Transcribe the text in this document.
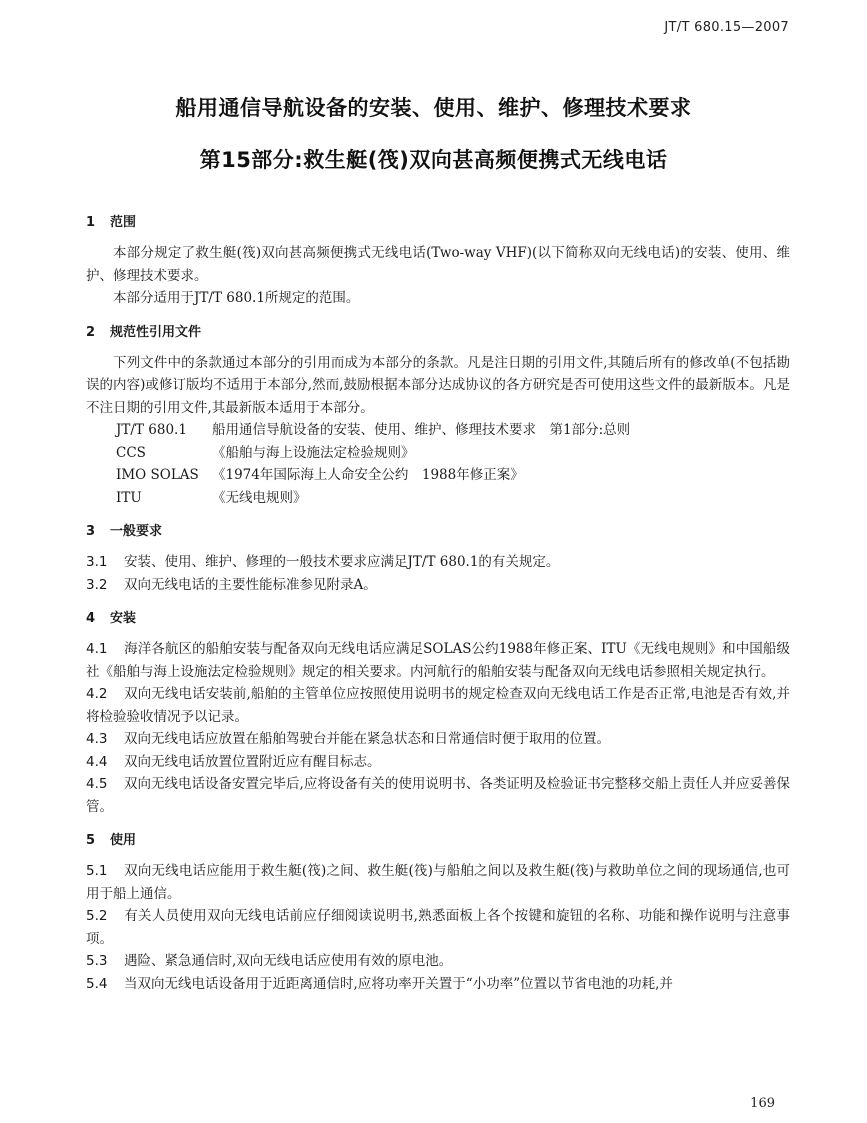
JT/T 680.15—2007
船用通信导航设备的安装、使用、维护、修理技术要求
第15部分:救生艇(筏)双向甚高频便携式无线电话
1 范围

本部分规定了救生艇(筏)双向甚高频便携式无线电话(Two-way VHF)(以下简称双向无线电话)的安装、使用、维护、修理技术要求。

本部分适用于JT/T 680.1所规定的范围。

2 规范性引用文件

下列文件中的条款通过本部分的引用而成为本部分的条款。凡是注日期的引用文件,其随后所有的修改单(不包括勘误的内容)或修订版均不适用于本部分,然而,鼓励根据本部分达成协议的各方研究是否可使用这些文件的最新版本。凡是不注日期的引用文件,其最新版本适用于本部分。

JT/T 680.1 船用通信导航设备的安装、使用、维护、修理技术要求　第1部分:总则
CCS	《船舶与海上设施法定检验规则》
IMO SOLAS 《1974年国际海上人命安全公约　1988年修正案》
ITU	《无线电规则》
3 一般要求

3.1 安装、使用、维护、修理的一般技术要求应满足JT/T 680.1的有关规定。

3.2 双向无线电话的主要性能标准参见附录A。

4 安装

4.1 海洋各航区的船舶安装与配备双向无线电话应满足SOLAS公约1988年修正案、ITU《无线电规则》和中国船级社《船舶与海上设施法定检验规则》规定的相关要求。内河航行的船舶安装与配备双向无线电话参照相关规定执行。

4.2 双向无线电话安装前,船舶的主管单位应按照使用说明书的规定检查双向无线电话工作是否正常,电池是否有效,并将检验验收情况予以记录。

4.3 双向无线电话应放置在船舶驾驶台并能在紧急状态和日常通信时便于取用的位置。

4.4 双向无线电话放置位置附近应有醒目标志。

4.5 双向无线电话设备安置完毕后,应将设备有关的使用说明书、各类证明及检验证书完整移交船上责任人并应妥善保管。

5 使用

5.1 双向无线电话应能用于救生艇(筏)之间、救生艇(筏)与船舶之间以及救生艇(筏)与救助单位之间的现场通信,也可用于船上通信。

5.2 有关人员使用双向无线电话前应仔细阅读说明书,熟悉面板上各个按键和旋钮的名称、功能和操作说明与注意事项。

5.3 遇险、紧急通信时,双向无线电话应使用有效的原电池。

5.4 当双向无线电话设备用于近距离通信时,应将功率开关置于“小功率”位置以节省电池的功耗,并

169
